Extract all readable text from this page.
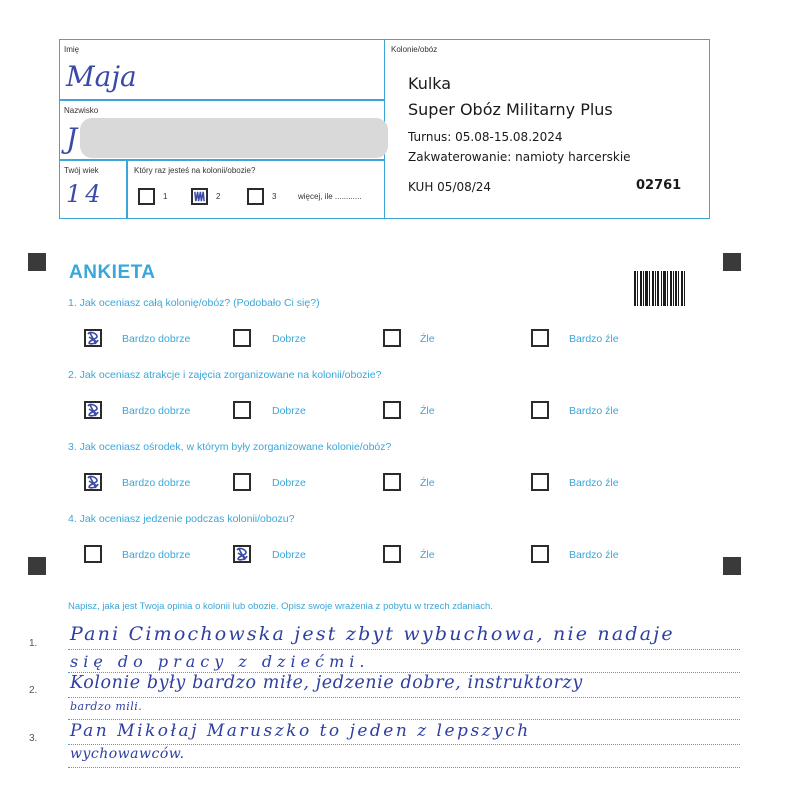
Imię
Maja
Nazwisko
J
Twój wiek
14
Który raz jesteś na kolonii/obozie?
1	2	3	więcej, ile ............
Kolonie/obóz
Kulka
Super Obóz Militarny Plus
Turnus: 05.08-15.08.2024
Zakwaterowanie: namioty harcerskie
KUH 05/08/24	02761
ANKIETA
1. Jak oceniasz całą kolonię/obóz? (Podobało Ci się?)
Bardzo dobrze	Dobrze	Źle	Bardzo źle
2. Jak oceniasz atrakcje i zajęcia zorganizowane na kolonii/obozie?
Bardzo dobrze	Dobrze	Źle	Bardzo źle
3. Jak oceniasz ośrodek, w którym były zorganizowane kolonie/obóz?
Bardzo dobrze	Dobrze	Źle	Bardzo źle
4. Jak oceniasz jedzenie podczas kolonii/obozu?
Bardzo dobrze	Dobrze	Źle	Bardzo źle
Napisz, jaka jest Twoja opinia o kolonii lub obozie. Opisz swoje wrażenia z pobytu w trzech zdaniach.
1.
2.
3.
Pani Cimochowska jest zbyt wybuchowa, nie nadaje
się do pracy z dziećmi.
Kolonie były bardzo miłe, jedzenie dobre, instruktorzy
bardzo mili.
Pan Mikołaj Maruszko to jeden z lepszych
wychowawców.
